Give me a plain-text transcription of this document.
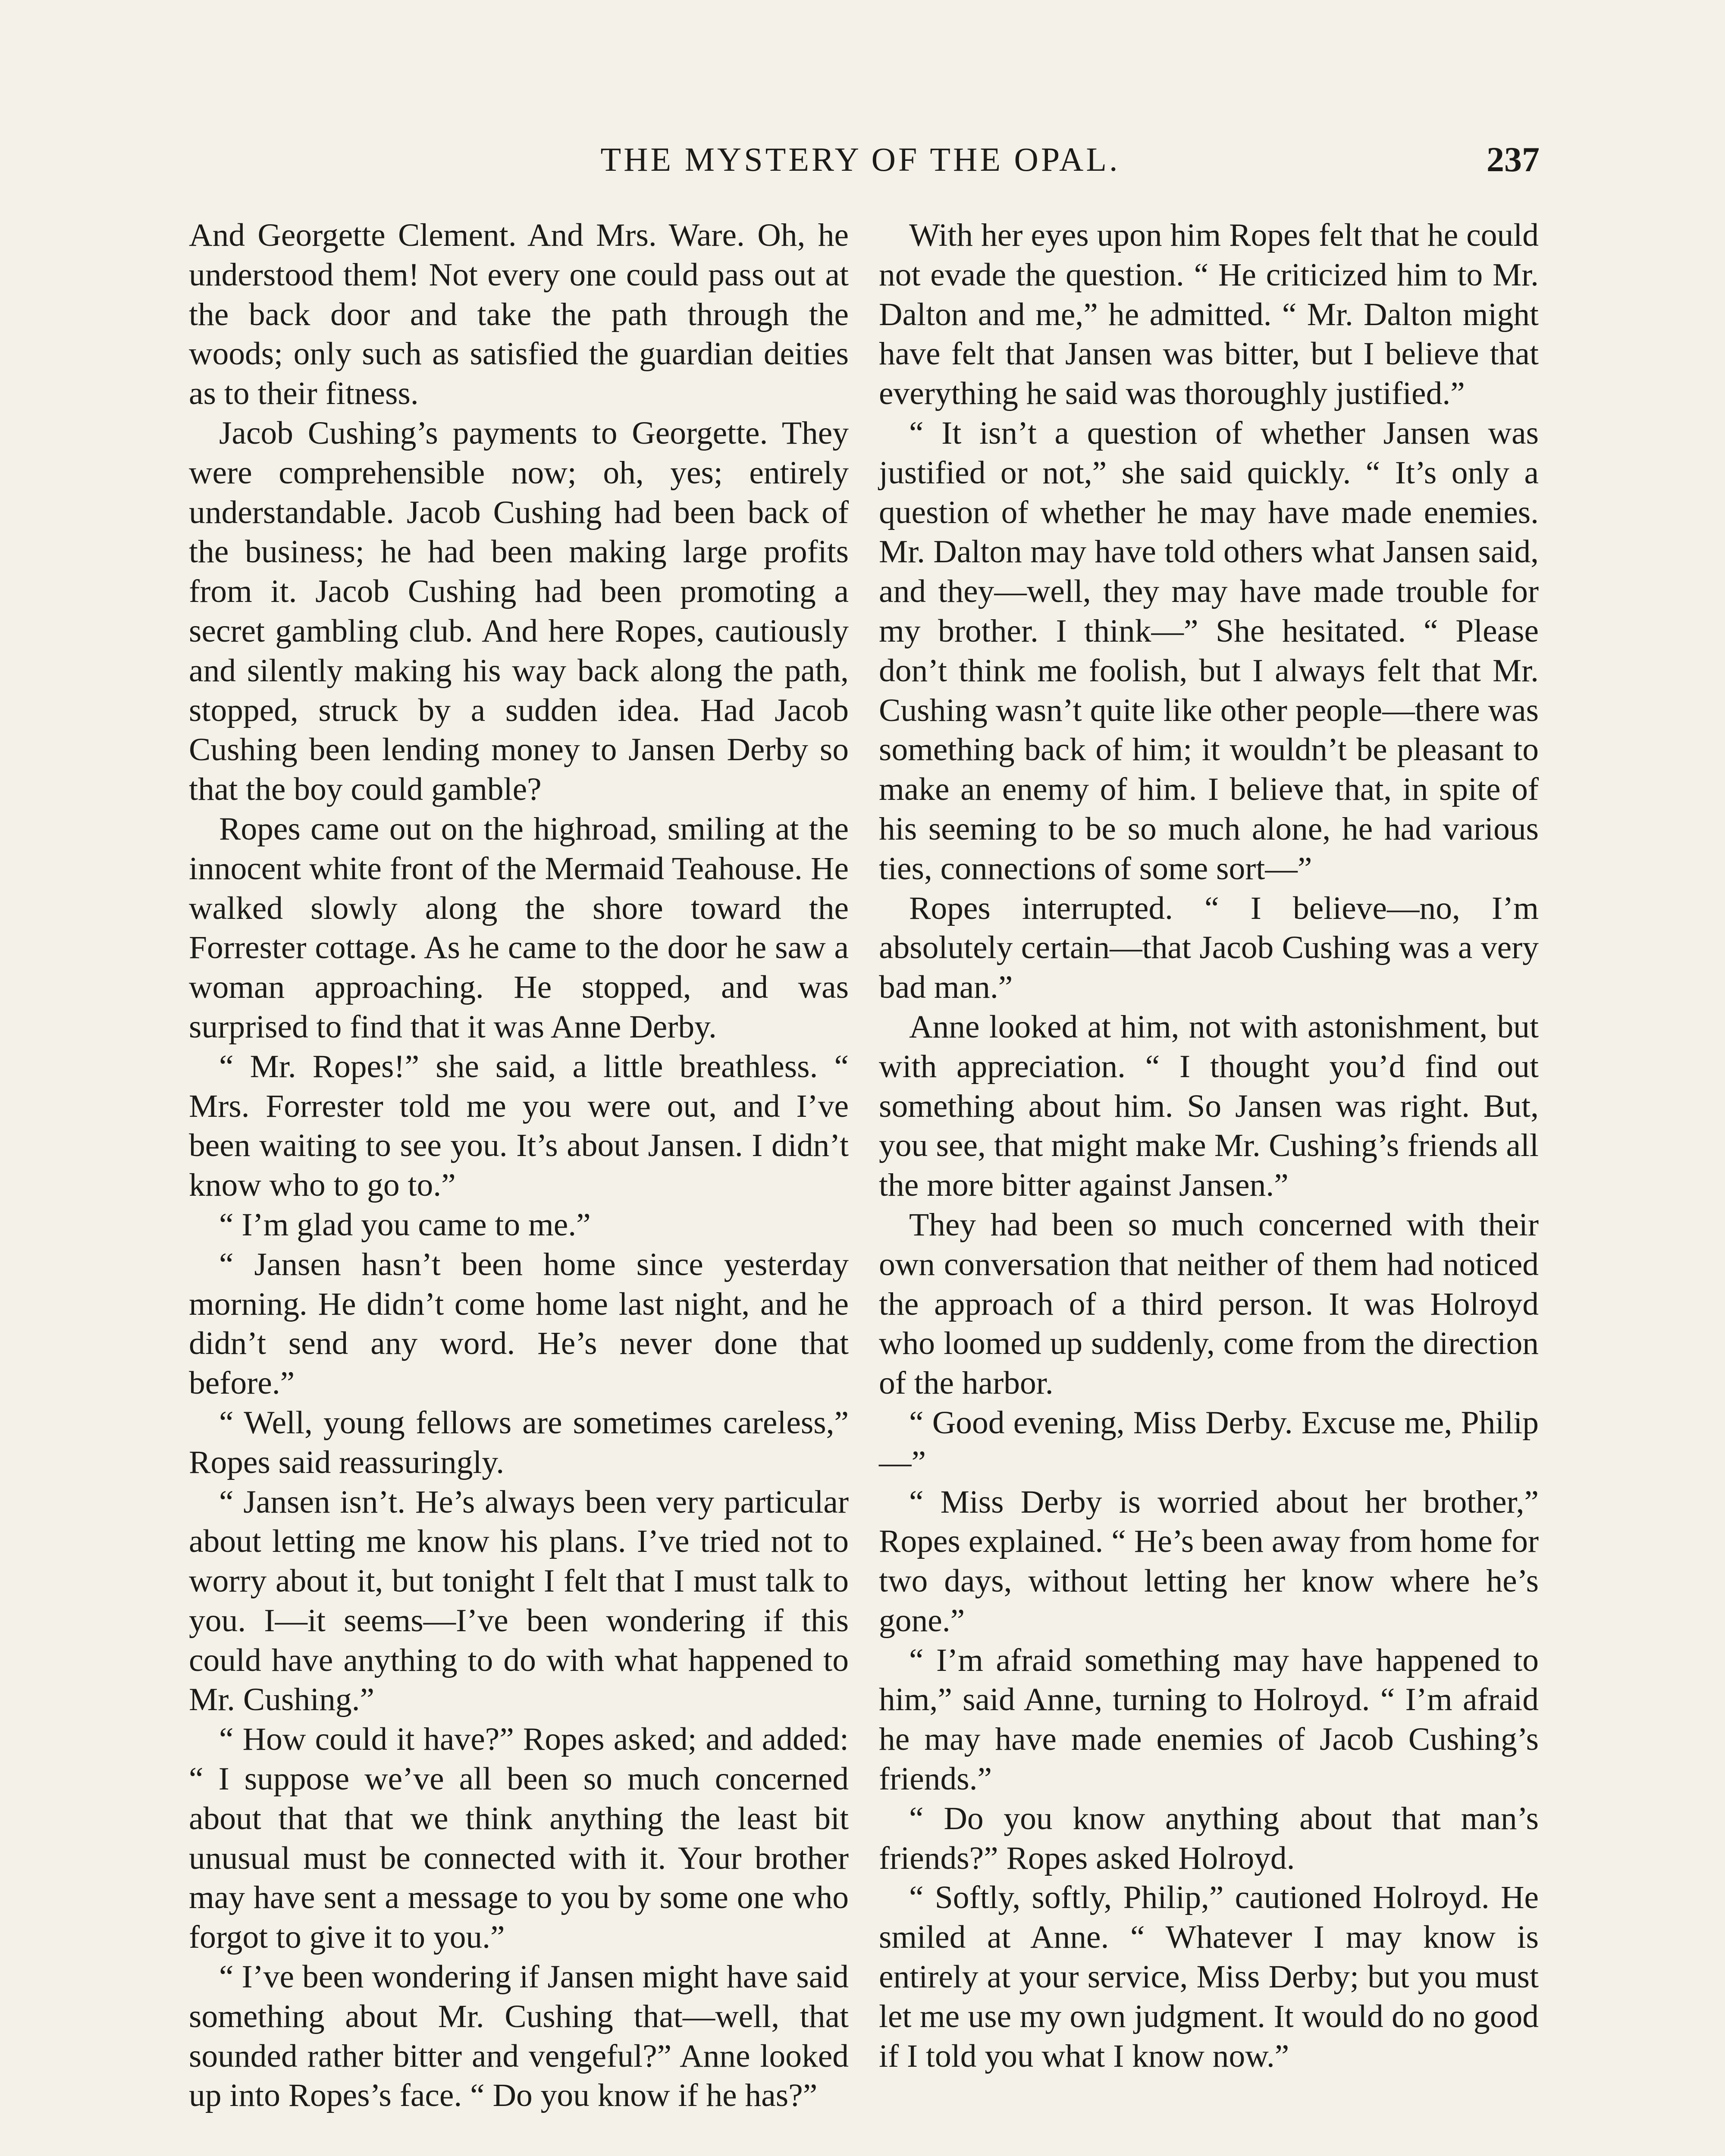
THE MYSTERY OF THE OPAL.	237

And Georgette Clement. And Mrs. Ware. Oh, he understood them! Not every one could pass out at the back door and take the path through the woods; only such as satisfied the guardian deities as to their fitness.

Jacob Cushing’s payments to Georgette. They were comprehensible now; oh, yes; entirely understandable. Jacob Cushing had been back of the business; he had been making large profits from it. Jacob Cushing had been promoting a secret gambling club. And here Ropes, cautiously and silently making his way back along the path, stopped, struck by a sudden idea. Had Jacob Cushing been lending money to Jansen Derby so that the boy could gamble?

Ropes came out on the highroad, smiling at the innocent white front of the Mermaid Teahouse. He walked slowly along the shore toward the Forrester cottage. As he came to the door he saw a woman approaching. He stopped, and was surprised to find that it was Anne Derby.

“ Mr. Ropes!” she said, a little breathless. “ Mrs. Forrester told me you were out, and I’ve been waiting to see you. It’s about Jansen. I didn’t know who to go to.”

“ I’m glad you came to me.”

“ Jansen hasn’t been home since yesterday morning. He didn’t come home last night, and he didn’t send any word. He’s never done that before.”

“ Well, young fellows are sometimes careless,” Ropes said reassuringly.

“ Jansen isn’t. He’s always been very particular about letting me know his plans. I’ve tried not to worry about it, but tonight I felt that I must talk to you. I—it seems—I’ve been wondering if this could have anything to do with what happened to Mr. Cushing.”

“ How could it have?” Ropes asked; and added: “ I suppose we’ve all been so much concerned about that that we think anything the least bit unusual must be connected with it. Your brother may have sent a message to you by some one who forgot to give it to you.”

“ I’ve been wondering if Jansen might have said something about Mr. Cushing that—well, that sounded rather bitter and vengeful?” Anne looked up into Ropes’s face. “ Do you know if he has?”

With her eyes upon him Ropes felt that he could not evade the question. “ He criticized him to Mr. Dalton and me,” he admitted. “ Mr. Dalton might have felt that Jansen was bitter, but I believe that everything he said was thoroughly justified.”

“ It isn’t a question of whether Jansen was justified or not,” she said quickly. “ It’s only a question of whether he may have made enemies. Mr. Dalton may have told others what Jansen said, and they—well, they may have made trouble for my brother. I think—” She hesitated. “ Please don’t think me foolish, but I always felt that Mr. Cushing wasn’t quite like other people—there was something back of him; it wouldn’t be pleasant to make an enemy of him. I believe that, in spite of his seeming to be so much alone, he had various ties, connections of some sort—”

Ropes interrupted. “ I believe—no, I’m absolutely certain—that Jacob Cushing was a very bad man.”

Anne looked at him, not with astonishment, but with appreciation. “ I thought you’d find out something about him. So Jansen was right. But, you see, that might make Mr. Cushing’s friends all the more bitter against Jansen.”

They had been so much concerned with their own conversation that neither of them had noticed the approach of a third person. It was Holroyd who loomed up suddenly, come from the direction of the harbor.

“ Good evening, Miss Derby. Excuse me, Philip—”

“ Miss Derby is worried about her brother,” Ropes explained. “ He’s been away from home for two days, without letting her know where he’s gone.”

“ I’m afraid something may have happened to him,” said Anne, turning to Holroyd. “ I’m afraid he may have made enemies of Jacob Cushing’s friends.”

“ Do you know anything about that man’s friends?” Ropes asked Holroyd.

“ Softly, softly, Philip,” cautioned Holroyd. He smiled at Anne. “ Whatever I may know is entirely at your service, Miss Derby; but you must let me use my own judgment. It would do no good if I told you what I know now.”
